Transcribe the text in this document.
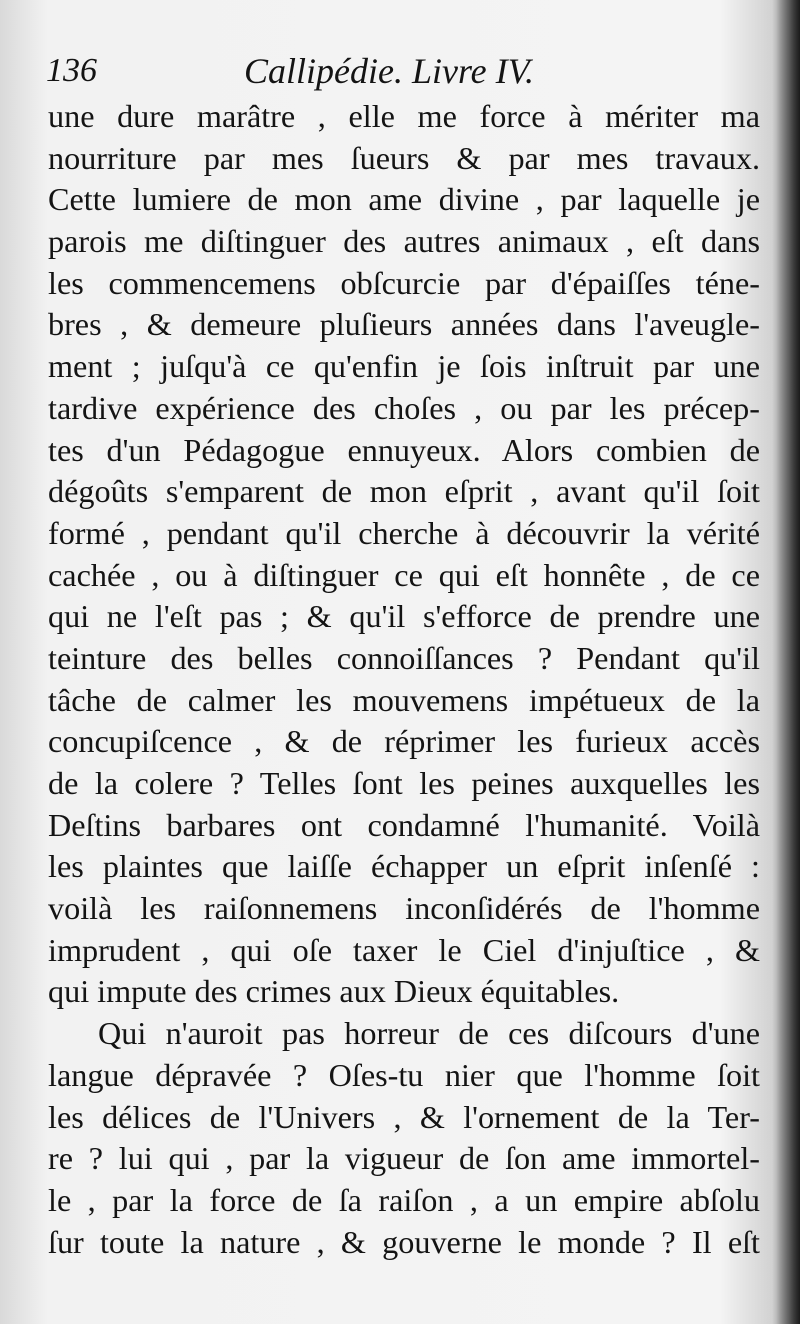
136	Callipédie. Livre IV.
une dure marâtre , elle me force à mériter ma
nourriture par mes ſueurs & par mes travaux.
Cette lumiere de mon ame divine , par laquelle je
parois me diſtinguer des autres animaux , eſt dans
les commencemens obſcurcie par d'épaiſſes téne-
bres , & demeure pluſieurs années dans l'aveugle-
ment ; juſqu'à ce qu'enfin je ſois inſtruit par une
tardive expérience des choſes , ou par les précep-
tes d'un Pédagogue ennuyeux. Alors combien de
dégoûts s'emparent de mon eſprit , avant qu'il ſoit
formé , pendant qu'il cherche à découvrir la vérité
cachée , ou à diſtinguer ce qui eſt honnête , de ce
qui ne l'eſt pas ; & qu'il s'efforce de prendre une
teinture des belles connoiſſances ? Pendant qu'il
tâche de calmer les mouvemens impétueux de la
concupiſcence , & de réprimer les furieux accès
de la colere ? Telles ſont les peines auxquelles les
Deſtins barbares ont condamné l'humanité. Voilà
les plaintes que laiſſe échapper un eſprit inſenſé :
voilà les raiſonnemens inconſidérés de l'homme
imprudent , qui oſe taxer le Ciel d'injuſtice , &
qui impute des crimes aux Dieux équitables.
Qui n'auroit pas horreur de ces diſcours d'une
langue dépravée ? Oſes-tu nier que l'homme ſoit
les délices de l'Univers , & l'ornement de la Ter-
re ? lui qui , par la vigueur de ſon ame immortel-
le , par la force de ſa raiſon , a un empire abſolu
ſur toute la nature , & gouverne le monde ? Il eſt
